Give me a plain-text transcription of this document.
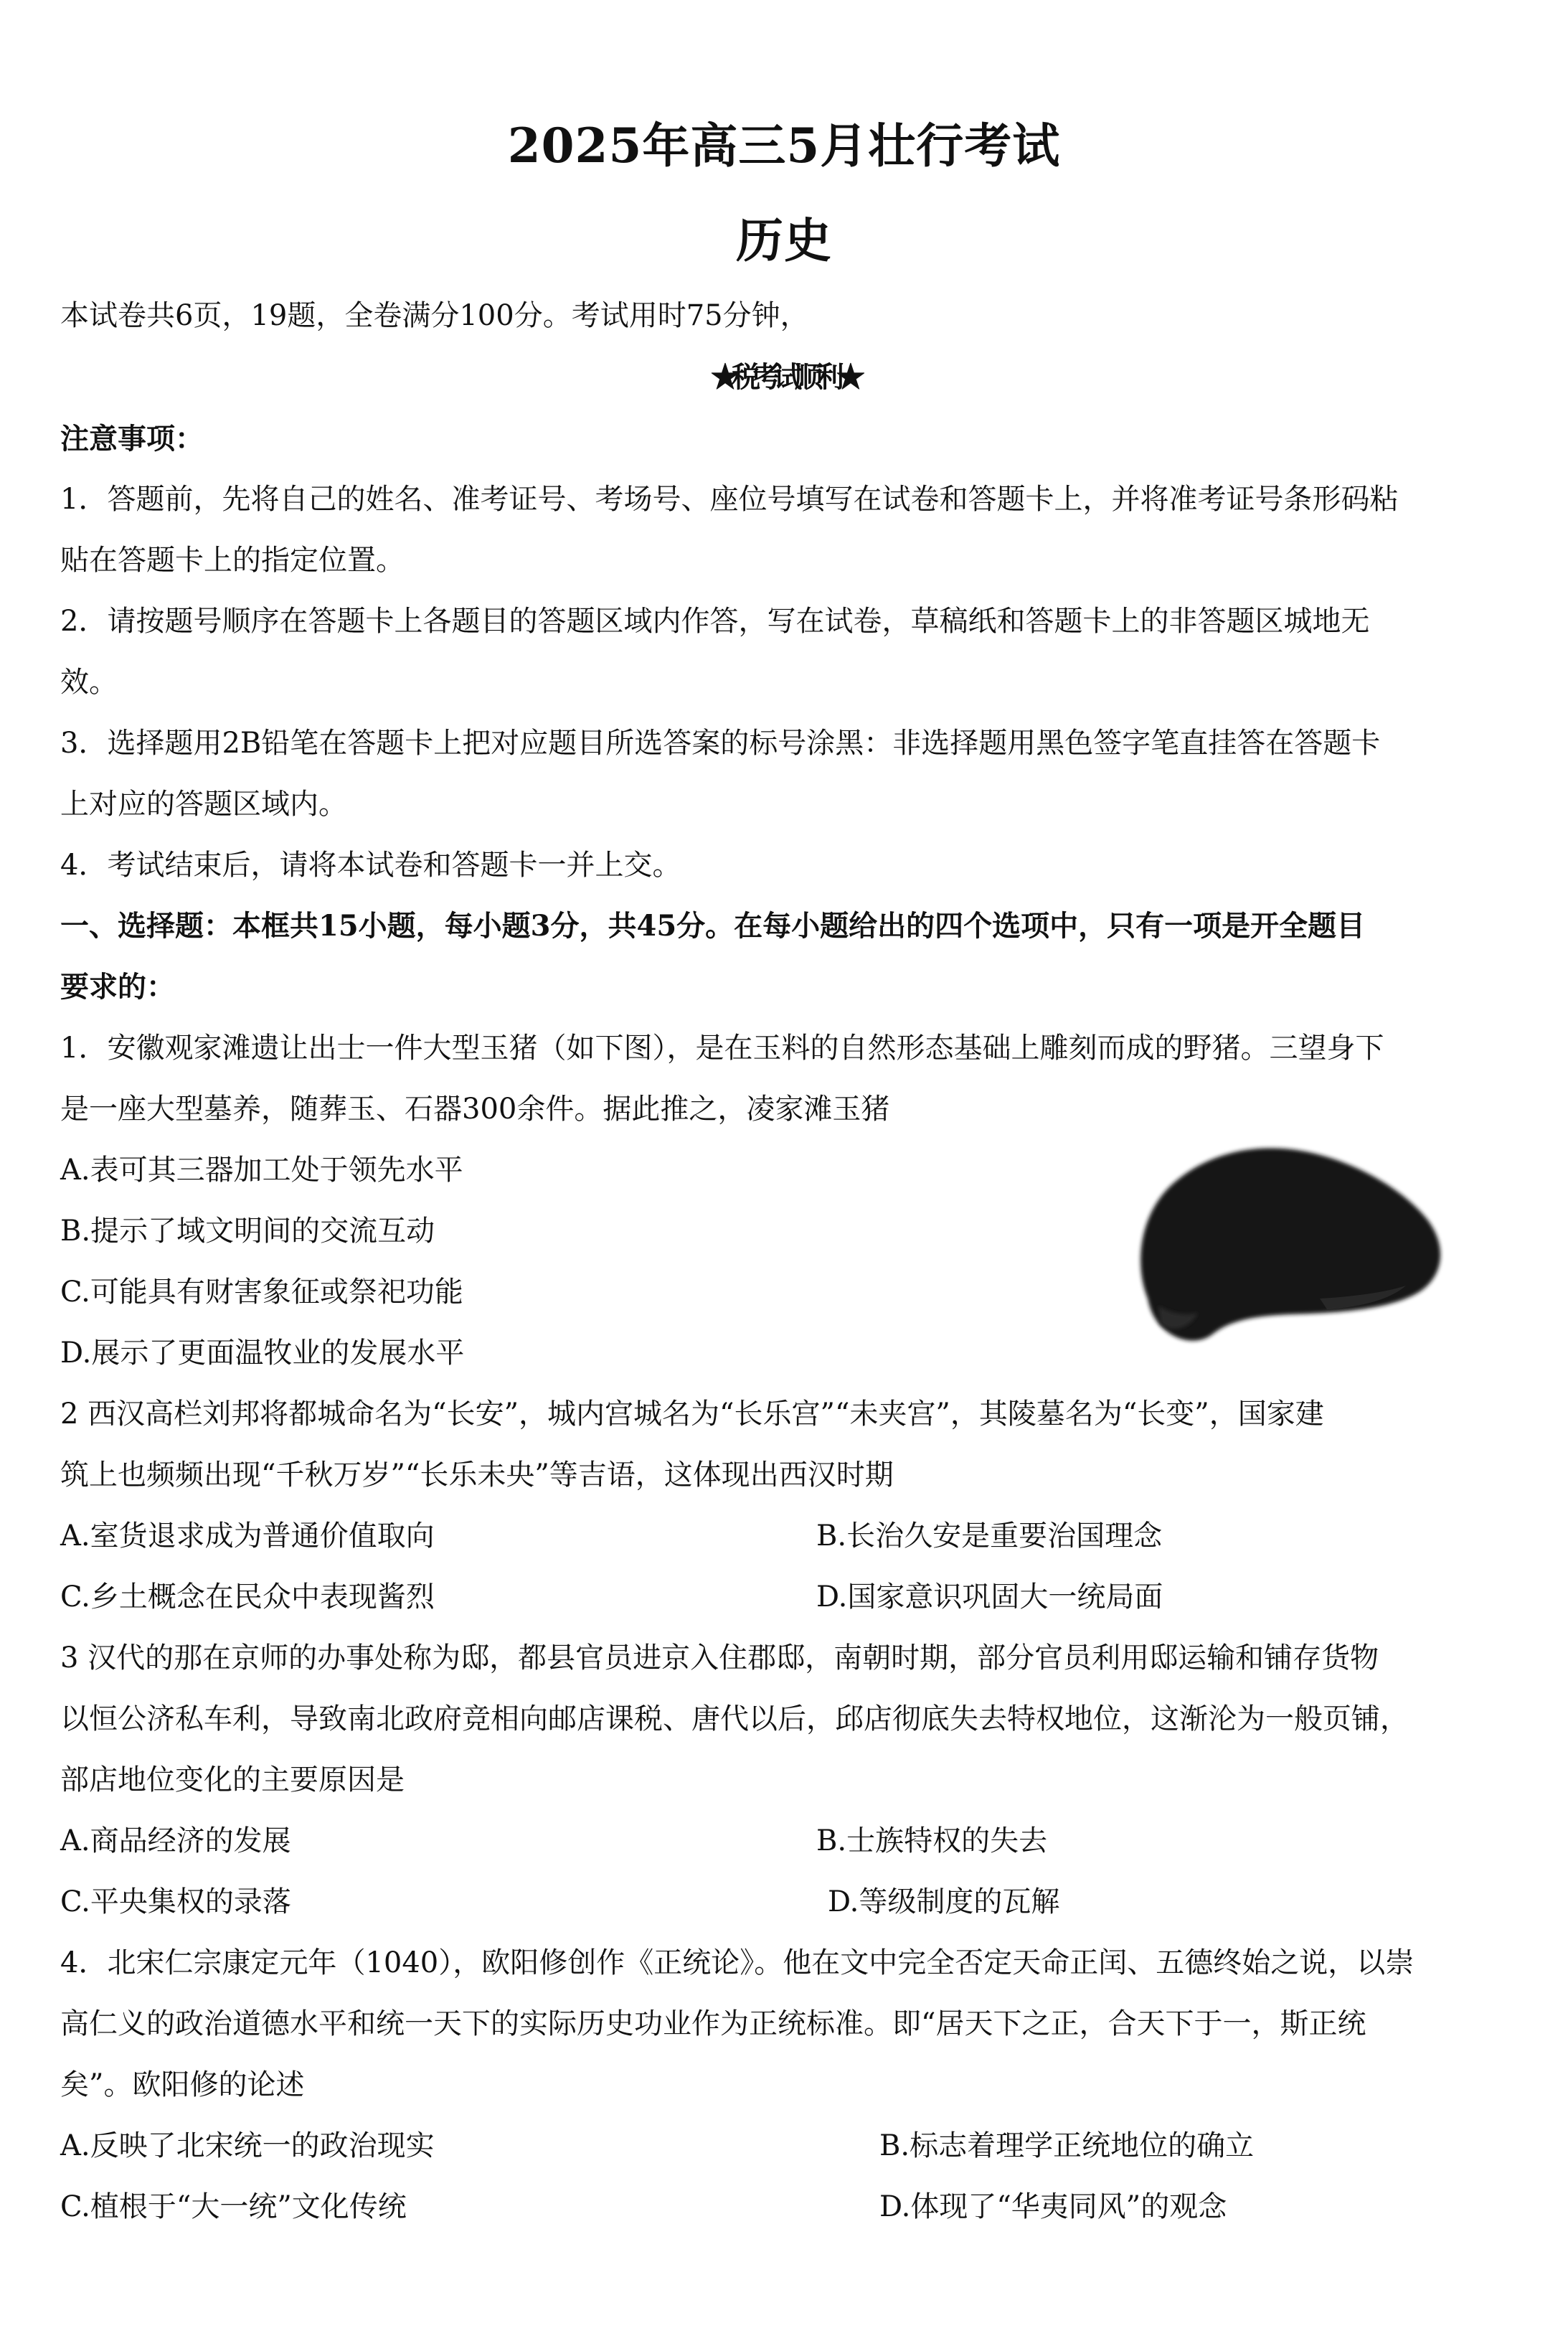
2025年高三5月壮行考试
历史
本试卷共6页，19题，全卷满分100分。考试用时75分钟，
★税考试顺利★
注意事项：
1．答题前，先将自己的姓名、准考证号、考场号、座位号填写在试卷和答题卡上，并将准考证号条形码粘
贴在答题卡上的指定位置。
2．请按题号顺序在答题卡上各题目的答题区域内作答，写在试卷，草稿纸和答题卡上的非答题区城地无
效。
3．选择题用2B铅笔在答题卡上把对应题目所选答案的标号涂黑：非选择题用黑色签字笔直挂答在答题卡
上对应的答题区域内。
4．考试结束后，请将本试卷和答题卡一并上交。
一、选择题：本框共15小题，每小题3分，共45分。在每小题给出的四个选项中，只有一项是开全题目
要求的：
1．安徽观家滩遗让出士一件大型玉猪（如下图），是在玉料的自然形态基础上雕刻而成的野猪。三望身下
是一座大型墓养，随葬玉、石器300余件。据此推之，凌家滩玉猪
A.表可其三器加工处于领先水平
B.提示了域文明间的交流互动
C.可能具有财害象征或祭祀功能
D.展示了更面温牧业的发展水平
2 西汉高栏刘邦将都城命名为“长安”，城内宫城名为“长乐宫”“未夹宫”，其陵墓名为“长变”，国家建
筑上也频频出现“千秋万岁”“长乐未央”等吉语，这体现出西汉时期
A.室货退求成为普通价值取向	B.长治久安是重要治国理念
C.乡土概念在民众中表现酱烈	D.国家意识巩固大一统局面
3 汉代的那在京师的办事处称为邸，都县官员进京入住郡邸，南朝时期，部分官员利用邸运输和铺存货物
以恒公济私车利，导致南北政府竞相向邮店课税、唐代以后，邱店彻底失去特权地位，这渐沦为一般页铺，
部店地位变化的主要原因是
A.商品经济的发展	B.士族特权的失去
C.平央集权的录落	D.等级制度的瓦解
4．北宋仁宗康定元年（1040），欧阳修创作《正统论》。他在文中完全否定天命正闰、五德终始之说，以崇
高仁义的政治道德水平和统一天下的实际历史功业作为正统标准。即“居天下之正，合天下于一，斯正统
矣”。欧阳修的论述
A.反映了北宋统一的政治现实	B.标志着理学正统地位的确立
C.植根于“大一统”文化传统	D.体现了“华夷同风”的观念
